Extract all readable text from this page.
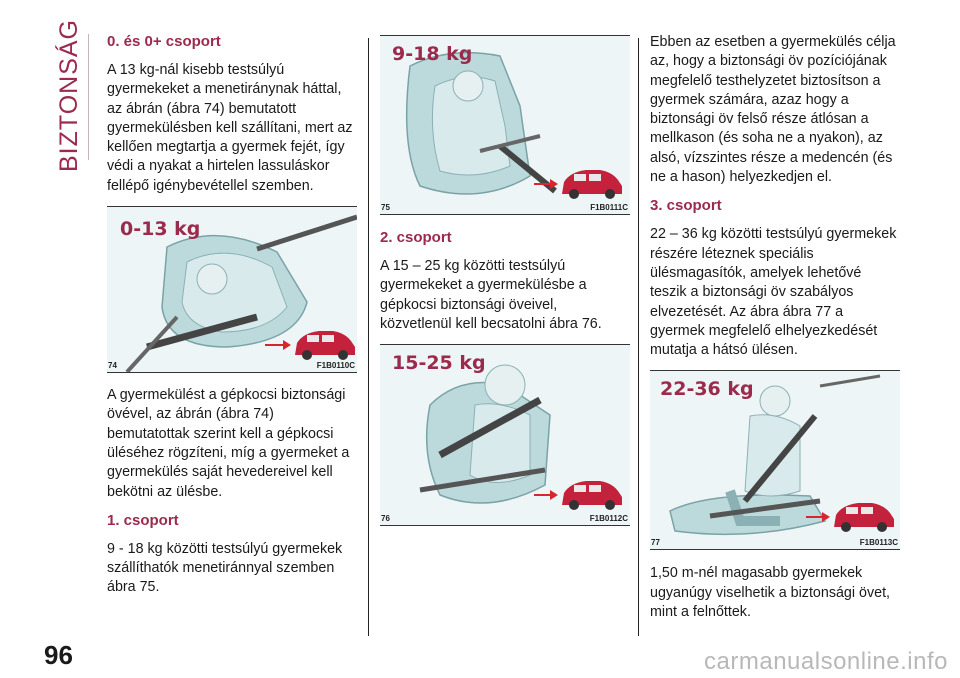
BIZTONSÁG 0. és 0+ csoport

A 13 kg-nál kisebb testsúlyú gyermekeket a menetiránynak háttal, az ábrán (ábra 74) bemutatott gyermekülésben kell szállítani, mert az kellően megtartja a gyermek fejét, így védi a nyakat a hirtelen lassuláskor fellépő igénybevétellel szemben.

0-13 kg
74	F1B0110C

A gyermekülést a gépkocsi biztonsági övével, az ábrán (ábra 74) bemutatottak szerint kell a gépkocsi üléséhez rögzíteni, míg a gyermeket a gyermekülés saját hevedereivel kell bekötni az ülésbe.

1. csoport

9 - 18 kg közötti testsúlyú gyermekek szállíthatók menetiránnyal szemben ábra 75.

9-18 kg
75	F1B0111C
2. csoport

A 15 – 25 kg közötti testsúlyú gyermekeket a gyermekülésbe a gépkocsi biztonsági öveivel, közvetlenül kell becsatolni ábra 76.

15-25 kg
76	F1B0112C

Ebben az esetben a gyermekülés célja az, hogy a biztonsági öv pozíciójának megfelelő testhelyzetet biztosítson a gyermek számára, azaz hogy a biztonsági öv felső része átlósan a mellkason (és soha ne a nyakon), az alsó, vízszintes része a medencén (és ne a hason) helyezkedjen el.

3. csoport

22 – 36 kg közötti testsúlyú gyermekek részére léteznek speciális ülésmagasítók, amelyek lehetővé teszik a biztonsági öv szabályos elvezetését. Az ábra ábra 77 a gyermek megfelelő elhelyezkedését mutatja a hátsó ülésen.

22-36 kg
77	F1B0113C

1,50 m-nél magasabb gyermekek ugyanúgy viselhetik a biztonsági övet, mint a felnőttek.

96	carmanualsonline.info
